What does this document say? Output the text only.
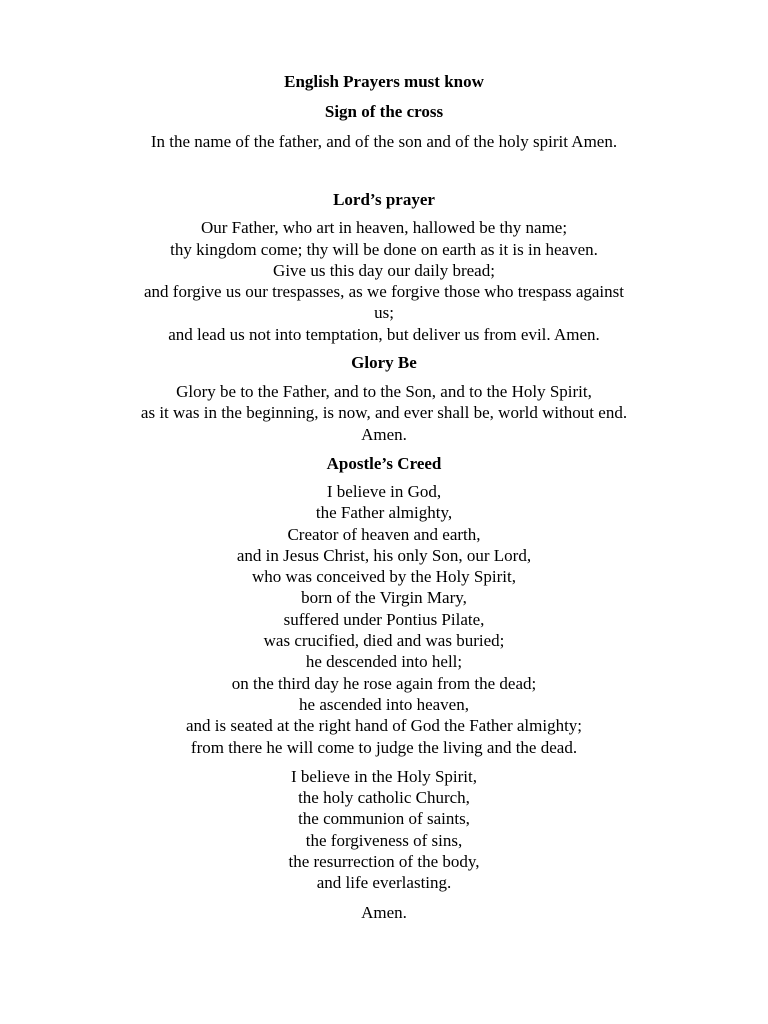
English Prayers must know

Sign of the cross

In the name of the father, and of the son and of the holy spirit Amen.

Lord’s prayer

Our Father, who art in heaven, hallowed be thy name;
thy kingdom come; thy will be done on earth as it is in heaven.
Give us this day our daily bread;
and forgive us our trespasses, as we forgive those who trespass against
us;
and lead us not into temptation, but deliver us from evil. Amen.

Glory Be

Glory be to the Father, and to the Son, and to the Holy Spirit,
as it was in the beginning, is now, and ever shall be, world without end.
Amen.

Apostle’s Creed

I believe in God,
the Father almighty,
Creator of heaven and earth,
and in Jesus Christ, his only Son, our Lord,
who was conceived by the Holy Spirit,
born of the Virgin Mary,
suffered under Pontius Pilate,
was crucified, died and was buried;
he descended into hell;
on the third day he rose again from the dead;
he ascended into heaven,
and is seated at the right hand of God the Father almighty;
from there he will come to judge the living and the dead.
I believe in the Holy Spirit,
the holy catholic Church,
the communion of saints,
the forgiveness of sins,
the resurrection of the body,
and life everlasting.
Amen.
